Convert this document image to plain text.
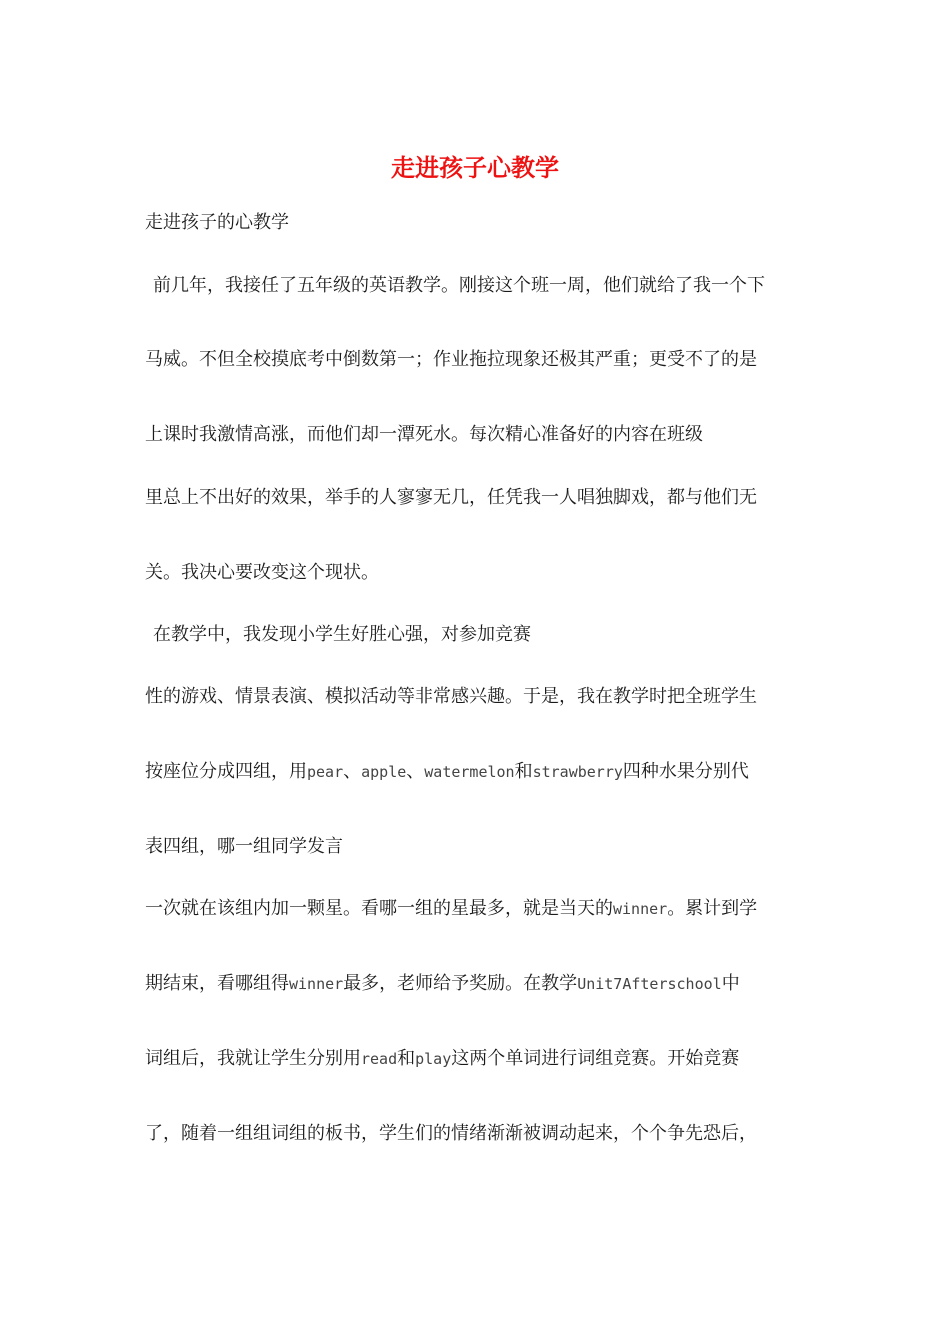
走进孩子心教学

走进孩子的心教学

前几年，我接任了五年级的英语教学。刚接这个班一周，他们就给了我一个下

马威。不但全校摸底考中倒数第一；作业拖拉现象还极其严重；更受不了的是

上课时我激情高涨，而他们却一潭死水。每次精心准备好的内容在班级

里总上不出好的效果，举手的人寥寥无几，任凭我一人唱独脚戏，都与他们无

关。我决心要改变这个现状。

在教学中，我发现小学生好胜心强，对参加竞赛

性的游戏、情景表演、模拟活动等非常感兴趣。于是，我在教学时把全班学生

按座位分成四组，用pear、apple、watermelon和strawberry四种水果分别代

表四组，哪一组同学发言

一次就在该组内加一颗星。看哪一组的星最多，就是当天的winner。累计到学

期结束，看哪组得winner最多，老师给予奖励。在教学Unit7Afterschool中

词组后，我就让学生分别用read和play这两个单词进行词组竞赛。开始竞赛

了，随着一组组词组的板书，学生们的情绪渐渐被调动起来，个个争先恐后，
